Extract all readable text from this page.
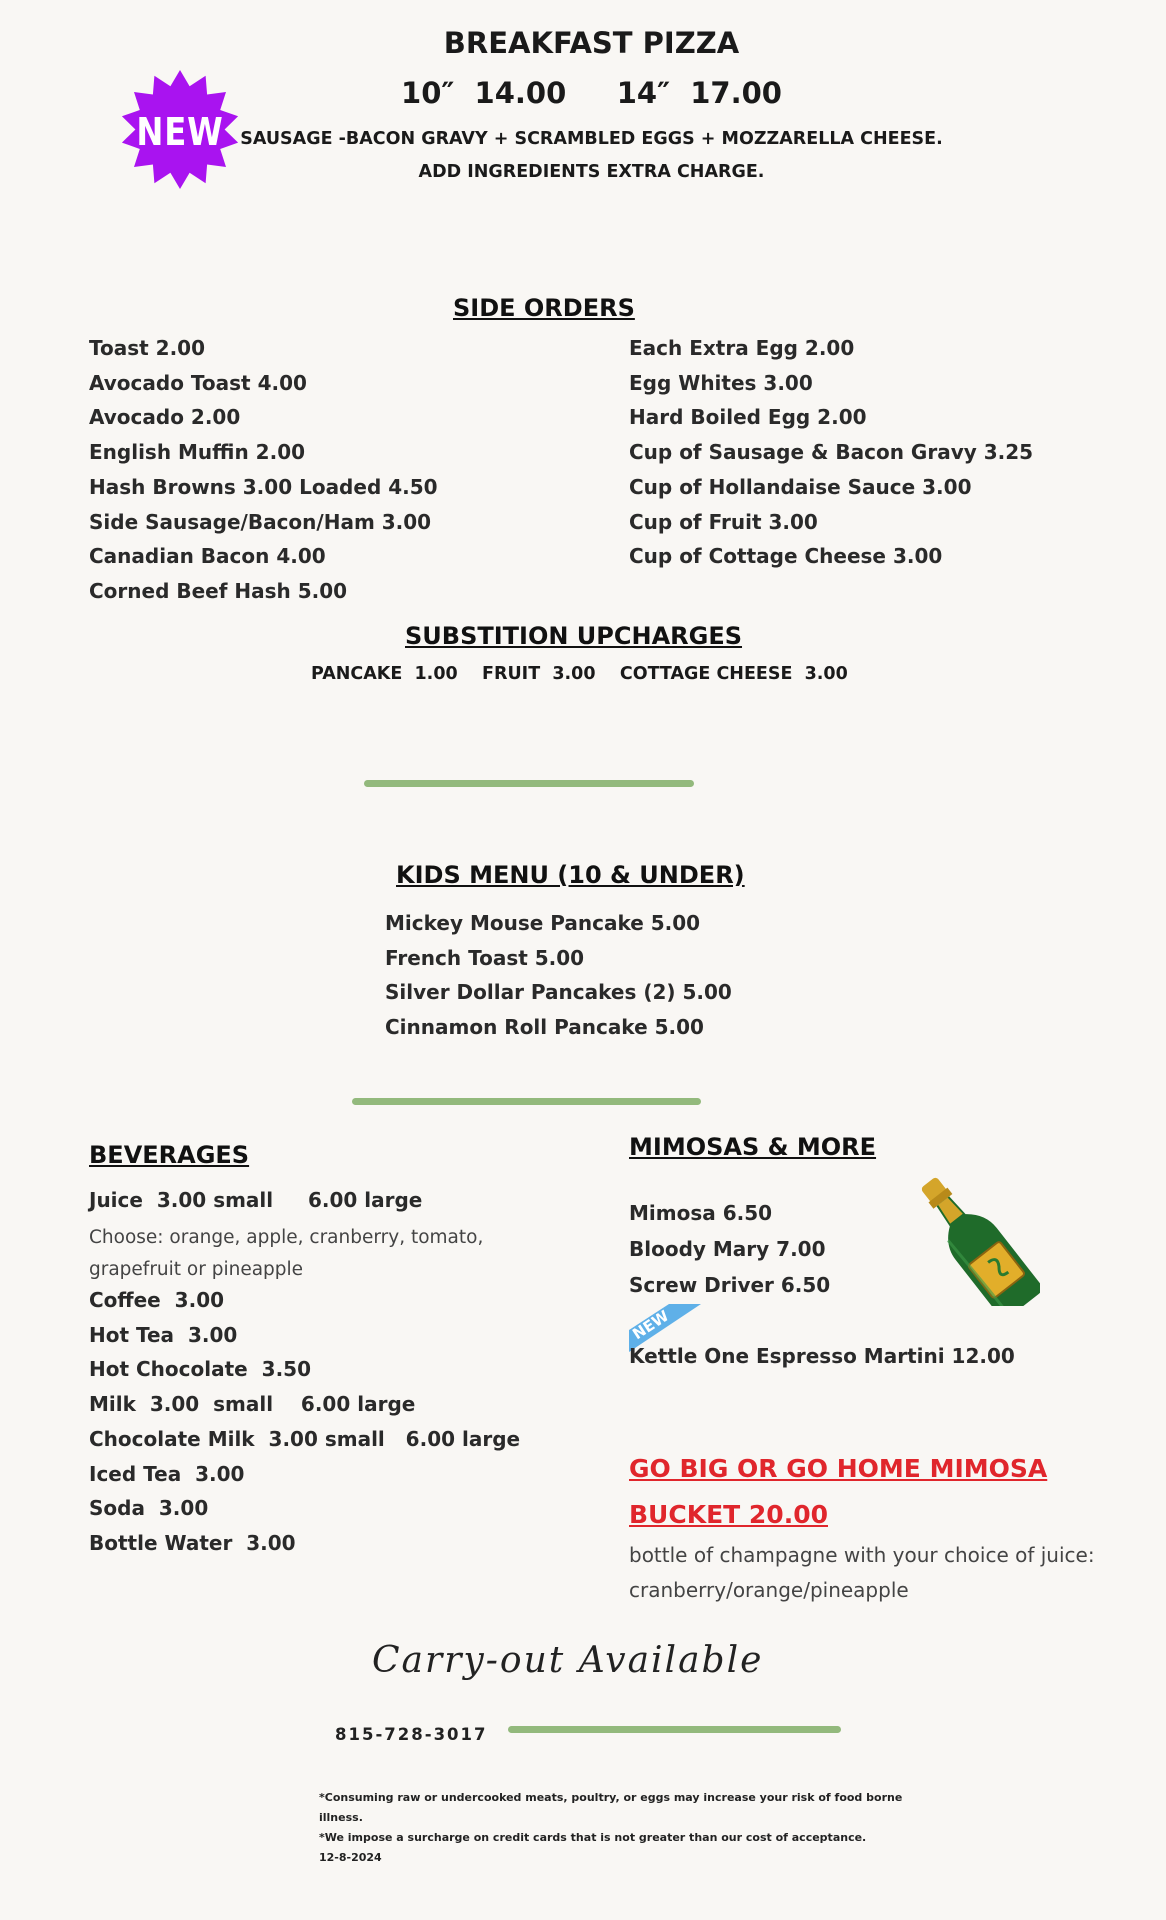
BREAKFAST PIZZA
10″  14.00     14″  17.00
SAUSAGE -BACON GRAVY + SCRAMBLED EGGS + MOZZARELLA CHEESE.
ADD INGREDIENTS EXTRA CHARGE.
NEW
SIDE ORDERS
Toast 2.00
Avocado Toast 4.00
Avocado 2.00
English Muffin 2.00
Hash Browns 3.00 Loaded 4.50
Side Sausage/Bacon/Ham 3.00
Canadian Bacon 4.00
Corned Beef Hash 5.00
Each Extra Egg 2.00
Egg Whites 3.00
Hard Boiled Egg 2.00
Cup of Sausage & Bacon Gravy 3.25
Cup of Hollandaise Sauce 3.00
Cup of Fruit 3.00
Cup of Cottage Cheese 3.00
SUBSTITION UPCHARGES
PANCAKE  1.00    FRUIT  3.00    COTTAGE CHEESE  3.00
KIDS MENU (10 & UNDER)
Mickey Mouse Pancake 5.00
French Toast 5.00
Silver Dollar Pancakes (2) 5.00
Cinnamon Roll Pancake 5.00
BEVERAGES
Juice  3.00 small     6.00 large
Choose: orange, apple, cranberry, tomato,
grapefruit or pineapple
Coffee  3.00
Hot Tea  3.00
Hot Chocolate  3.50
Milk  3.00  small    6.00 large
Chocolate Milk  3.00 small   6.00 large
Iced Tea  3.00
Soda  3.00
Bottle Water  3.00
MIMOSAS & MORE
Mimosa 6.50
Bloody Mary 7.00
Screw Driver 6.50
NEW
Kettle One Espresso Martini 12.00
GO BIG OR GO HOME MIMOSA
BUCKET 20.00
bottle of champagne with your choice of juice:
cranberry/orange/pineapple
Carry-out Available
815-728-3017
*Consuming raw or undercooked meats, poultry, or eggs may increase your risk of food borne
illness.
*We impose a surcharge on credit cards that is not greater than our cost of acceptance.
12-8-2024
